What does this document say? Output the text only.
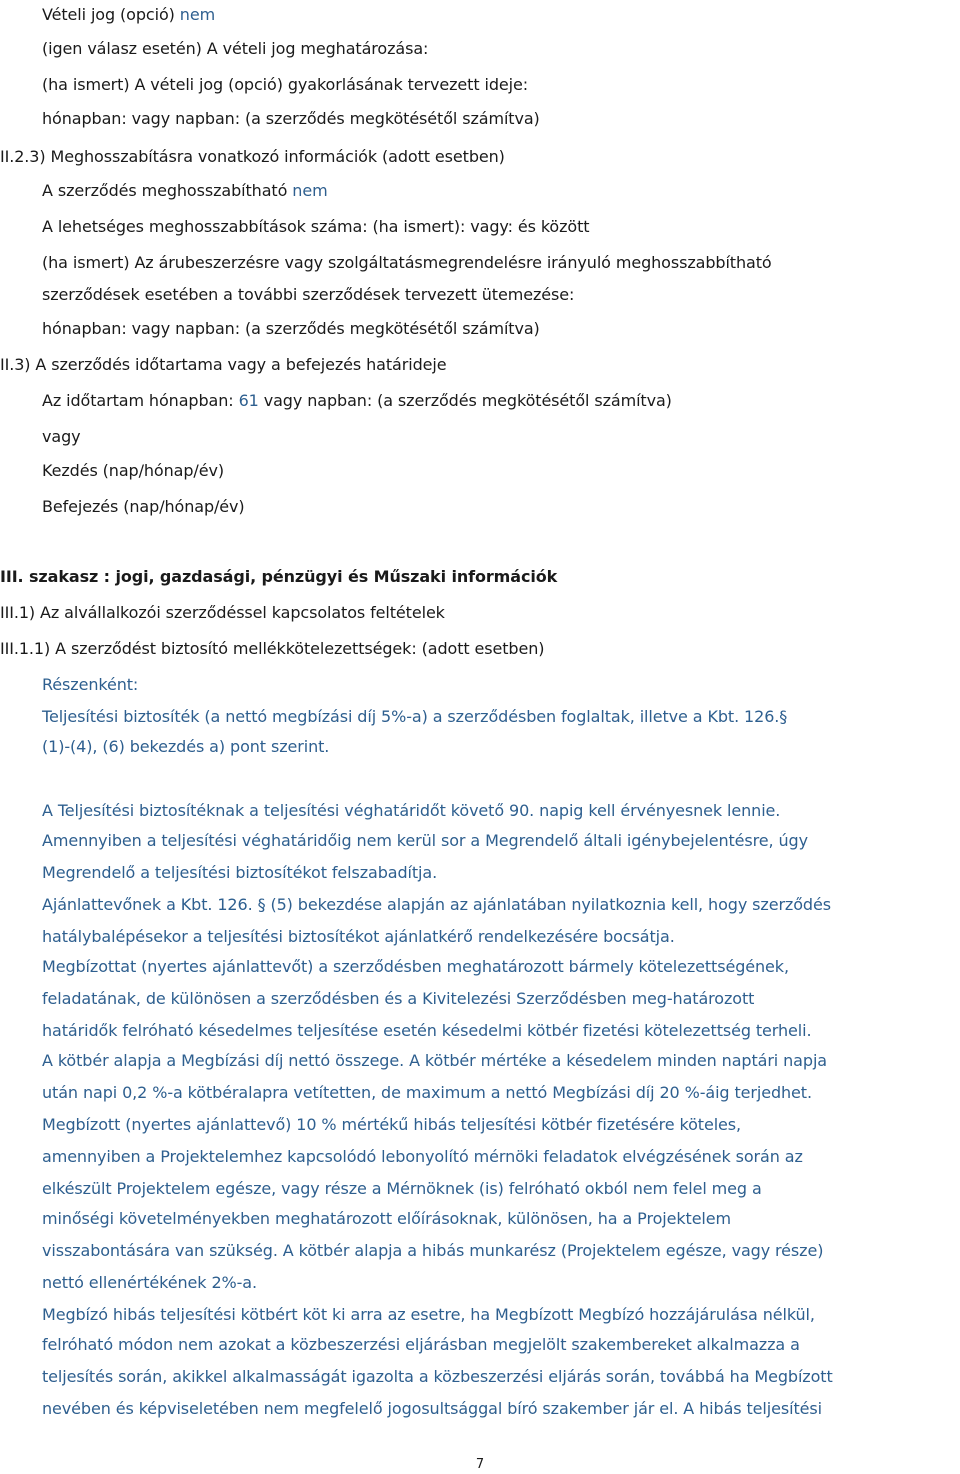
Vételi jog (opció) nem
(igen válasz esetén) A vételi jog meghatározása:
(ha ismert) A vételi jog (opció) gyakorlásának tervezett ideje:
hónapban: vagy napban: (a szerződés megkötésétől számítva)
II.2.3) Meghosszabításra vonatkozó információk (adott esetben)
A szerződés meghosszabítható nem
A lehetséges meghosszabbítások száma: (ha ismert): vagy: és között
(ha ismert) Az árubeszerzésre vagy szolgáltatásmegrendelésre irányuló meghosszabbítható
szerződések esetében a további szerződések tervezett ütemezése:
hónapban: vagy napban: (a szerződés megkötésétől számítva)
II.3) A szerződés időtartama vagy a befejezés határideje
Az időtartam hónapban: 61 vagy napban: (a szerződés megkötésétől számítva)
vagy
Kezdés (nap/hónap/év)
Befejezés (nap/hónap/év)
III. szakasz : jogi, gazdasági, pénzügyi és Műszaki információk
III.1) Az alvállalkozói szerződéssel kapcsolatos feltételek
III.1.1) A szerződést biztosító mellékkötelezettségek: (adott esetben)
Részenként:
Teljesítési biztosíték (a nettó megbízási díj 5%-a) a szerződésben foglaltak, illetve a Kbt. 126.§
(1)-(4), (6) bekezdés a) pont szerint.
A Teljesítési biztosítéknak a teljesítési véghatáridőt követő 90. napig kell érvényesnek lennie.
Amennyiben a teljesítési véghatáridőig nem kerül sor a Megrendelő általi igénybejelentésre, úgy
Megrendelő a teljesítési biztosítékot felszabadítja.
Ajánlattevőnek a Kbt. 126. § (5) bekezdése alapján az ajánlatában nyilatkoznia kell, hogy szerződés
hatálybalépésekor a teljesítési biztosítékot ajánlatkérő rendelkezésére bocsátja.
Megbízottat (nyertes ajánlattevőt) a szerződésben meghatározott bármely kötelezettségének,
feladatának, de különösen a szerződésben és a Kivitelezési Szerződésben meg-határozott
határidők felróható késedelmes teljesítése esetén késedelmi kötbér fizetési kötelezettség terheli.
A kötbér alapja a Megbízási díj nettó összege. A kötbér mértéke a késedelem minden naptári napja
után napi 0,2 %-a kötbéralapra vetítetten, de maximum a nettó Megbízási díj 20 %-áig terjedhet.
Megbízott (nyertes ajánlattevő) 10 % mértékű hibás teljesítési kötbér fizetésére köteles,
amennyiben a Projektelemhez kapcsolódó lebonyolító mérnöki feladatok elvégzésének során az
elkészült Projektelem egésze, vagy része a Mérnöknek (is) felróható okból nem felel meg a
minőségi követelményekben meghatározott előírásoknak, különösen, ha a Projektelem
visszabontására van szükség. A kötbér alapja a hibás munkarész (Projektelem egésze, vagy része)
nettó ellenértékének 2%-a.
Megbízó hibás teljesítési kötbért köt ki arra az esetre, ha Megbízott Megbízó hozzájárulása nélkül,
felróható módon nem azokat a közbeszerzési eljárásban megjelölt szakembereket alkalmazza a
teljesítés során, akikkel alkalmasságát igazolta a közbeszerzési eljárás során, továbbá ha Megbízott
nevében és képviseletében nem megfelelő jogosultsággal bíró szakember jár el. A hibás teljesítési
7
